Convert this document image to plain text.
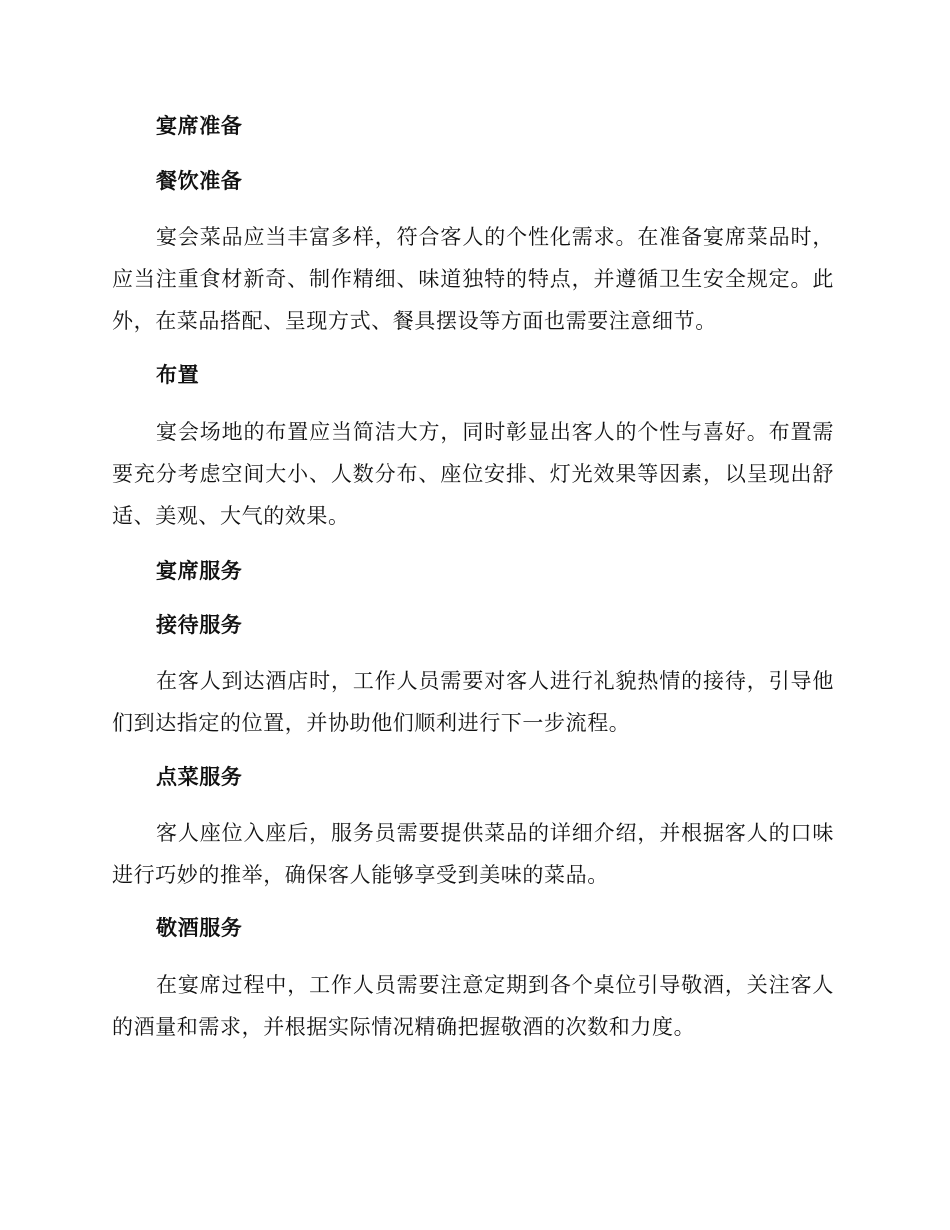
宴席准备
餐饮准备

宴会菜品应当丰富多样，符合客人的个性化需求。在准备宴席菜品时，应当注重食材新奇、制作精细、味道独特的特点，并遵循卫生安全规定。此外，在菜品搭配、呈现方式、餐具摆设等方面也需要注意细节。

布置

宴会场地的布置应当简洁大方，同时彰显出客人的个性与喜好。布置需要充分考虑空间大小、人数分布、座位安排、灯光效果等因素，以呈现出舒适、美观、大气的效果。

宴席服务
接待服务

在客人到达酒店时，工作人员需要对客人进行礼貌热情的接待，引导他们到达指定的位置，并协助他们顺利进行下一步流程。

点菜服务

客人座位入座后，服务员需要提供菜品的详细介绍，并根据客人的口味进行巧妙的推举，确保客人能够享受到美味的菜品。

敬酒服务

在宴席过程中，工作人员需要注意定期到各个桌位引导敬酒，关注客人的酒量和需求，并根据实际情况精确把握敬酒的次数和力度。
